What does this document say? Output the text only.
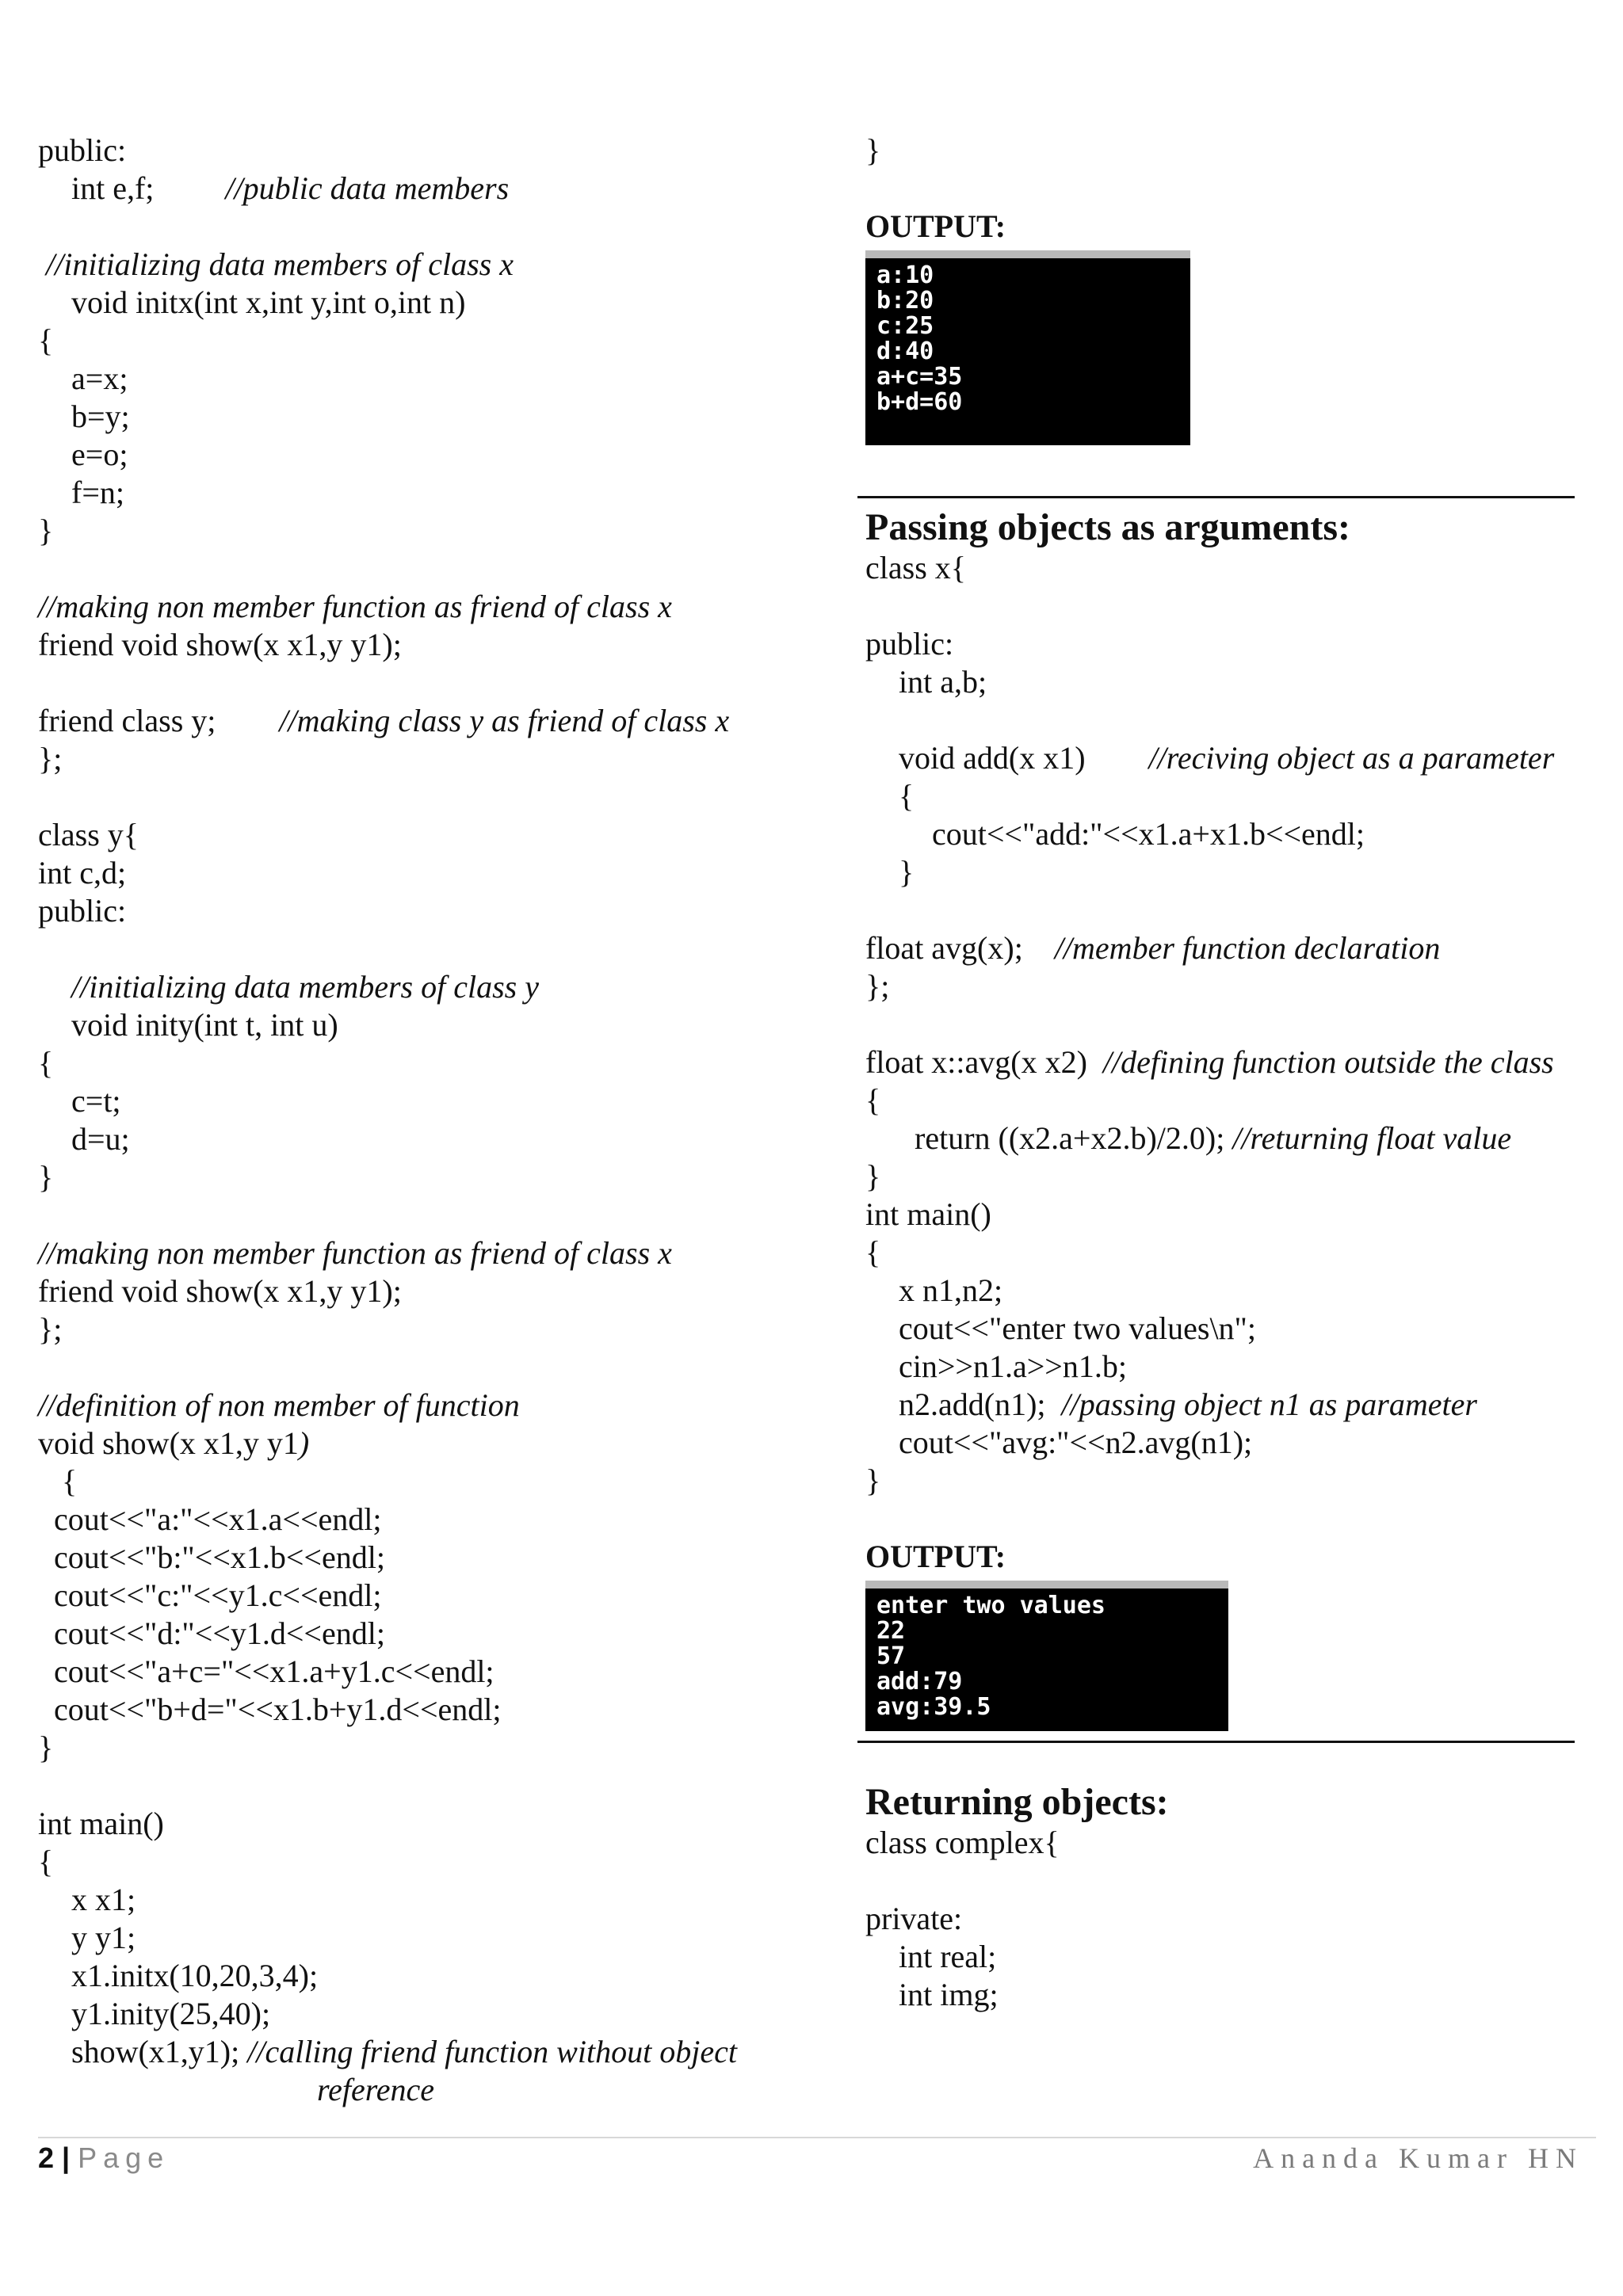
public:
int e,f;         //public data members
//initializing data members of class x
void initx(int x,int y,int o,int n)
{
a=x;
b=y;
e=o;
f=n;
}
//making non member function as friend of class x
friend void show(x x1,y y1);
friend class y;        //making class y as friend of class x
};
class y{
int c,d;
public:
//initializing data members of class y
void inity(int t, int u)
{
c=t;
d=u;
}
//making non member function as friend of class x
friend void show(x x1,y y1);
};
//definition of non member of function
void show(x x1,y y1)
{
cout<<"a:"<<x1.a<<endl;
cout<<"b:"<<x1.b<<endl;
cout<<"c:"<<y1.c<<endl;
cout<<"d:"<<y1.d<<endl;
cout<<"a+c="<<x1.a+y1.c<<endl;
cout<<"b+d="<<x1.b+y1.d<<endl;
}
int main()
{
x x1;
y y1;
x1.initx(10,20,3,4);
y1.inity(25,40);
show(x1,y1); //calling friend function without object
reference
}
OUTPUT:
a:10
b:20
c:25
d:40
a+c=35
b+d=60
Passing objects as arguments:
class x{
public:
int a,b;
void add(x x1)        //reciving object as a parameter
{
cout<<"add:"<<x1.a+x1.b<<endl;
}
float avg(x);    //member function declaration
};
float x::avg(x x2)  //defining function outside the class
{
return ((x2.a+x2.b)/2.0); //returning float value
}
int main()
{
x n1,n2;
cout<<"enter two values\n";
cin>>n1.a>>n1.b;
n2.add(n1);  //passing object n1 as parameter
cout<<"avg:"<<n2.avg(n1);
}
OUTPUT:
enter two values
22
57
add:79
avg:39.5
Returning objects:
class complex{
private:
int real;
int img;
2 | Page	Ananda Kumar HN
